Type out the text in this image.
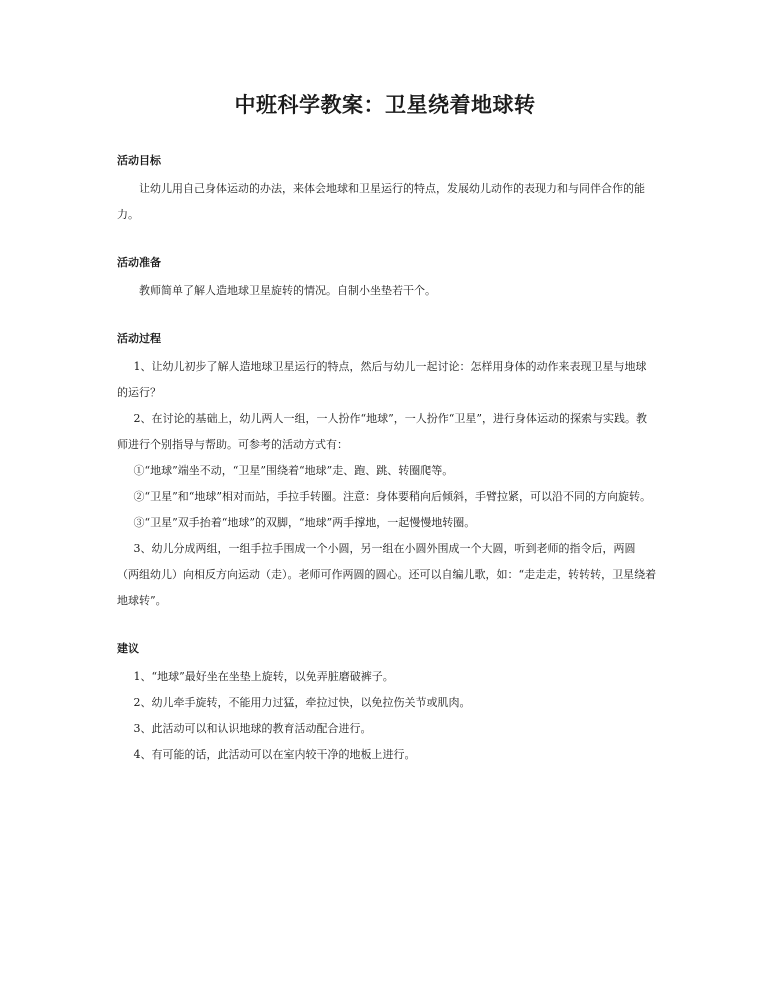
中班科学教案：卫星绕着地球转
活动目标

让幼儿用自己身体运动的办法，来体会地球和卫星运行的特点，发展幼儿动作的表现力和与同伴合作的能力。

活动准备

教师简单了解人造地球卫星旋转的情况。自制小坐垫若干个。

活动过程

1、让幼儿初步了解人造地球卫星运行的特点，然后与幼儿一起讨论：怎样用身体的动作来表现卫星与地球的运行？

2、在讨论的基础上，幼儿两人一组，一人扮作“地球”，一人扮作“卫星”，进行身体运动的探索与实践。教师进行个别指导与帮助。可参考的活动方式有：

①“地球”端坐不动，“卫星”围绕着“地球”走、跑、跳、转圈爬等。

②“卫星”和“地球”相对而站，手拉手转圈。注意：身体要稍向后倾斜，手臂拉紧，可以沿不同的方向旋转。

③“卫星”双手抬着“地球”的双脚，“地球”两手撑地，一起慢慢地转圈。

3、幼儿分成两组，一组手拉手围成一个小圆，另一组在小圆外围成一个大圆，听到老师的指令后，两圆（两组幼儿）向相反方向运动（走）。老师可作两圆的圆心。还可以自编儿歌，如：“走走走，转转转，卫星绕着地球转”。

建议

1、“地球”最好坐在坐垫上旋转，以免弄脏磨破裤子。

2、幼儿牵手旋转，不能用力过猛，牵拉过快，以免拉伤关节或肌肉。

3、此活动可以和认识地球的教育活动配合进行。

4、有可能的话，此活动可以在室内较干净的地板上进行。
